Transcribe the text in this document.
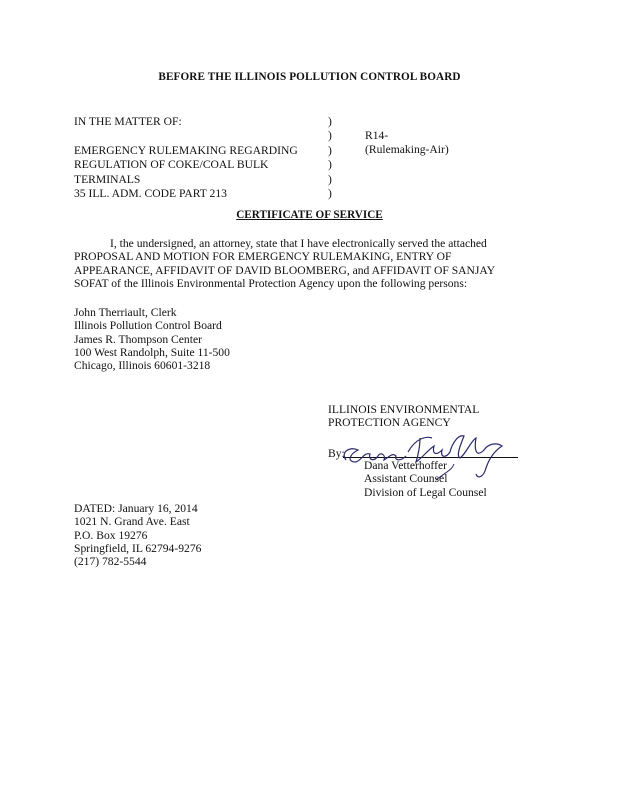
BEFORE THE ILLINOIS POLLUTION CONTROL BOARD
IN THE MATTER OF:
EMERGENCY RULEMAKING REGARDING
REGULATION OF COKE/COAL BULK
TERMINALS
35 ILL. ADM. CODE PART 213
)
)
)
)
)
)
R14-
(Rulemaking-Air)
CERTIFICATE OF SERVICE
I, the undersigned, an attorney, state that I have electronically served the attached
PROPOSAL AND MOTION FOR EMERGENCY RULEMAKING, ENTRY OF
APPEARANCE, AFFIDAVIT OF DAVID BLOOMBERG, and AFFIDAVIT OF SANJAY
SOFAT of the Illinois Environmental Protection Agency upon the following persons:
John Therriault, Clerk
Illinois Pollution Control Board
James R. Thompson Center
100 West Randolph, Suite 11-500
Chicago, Illinois 60601-3218
ILLINOIS ENVIRONMENTAL
PROTECTION AGENCY
By:
Dana Vetterhoffer
Assistant Counsel
Division of Legal Counsel
DATED: January 16, 2014
1021 N. Grand Ave. East
P.O. Box 19276
Springfield, IL 62794-9276
(217) 782-5544
